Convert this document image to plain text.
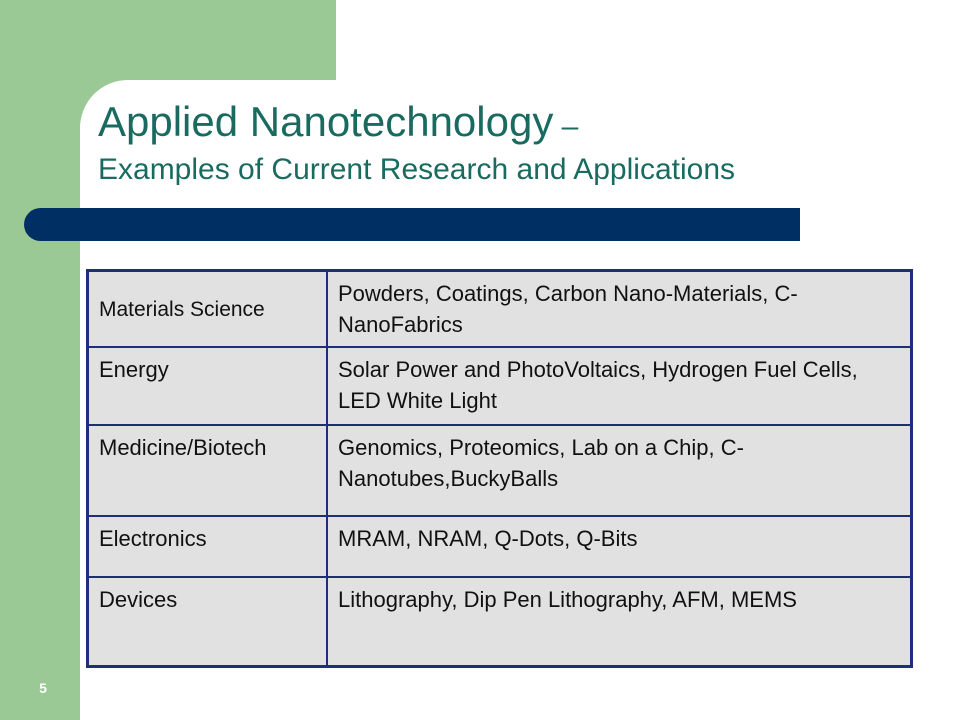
Applied Nanotechnology –
Examples of Current Research and Applications
Materials Science	Powders, Coatings, Carbon Nano-Materials, C-NanoFabrics
Energy	Solar Power and PhotoVoltaics, Hydrogen Fuel Cells, LED White Light
Medicine/Biotech	Genomics, Proteomics, Lab on a Chip, C-Nanotubes,BuckyBalls
Electronics	MRAM, NRAM, Q-Dots, Q-Bits
Devices	Lithography, Dip Pen Lithography, AFM, MEMS
5
